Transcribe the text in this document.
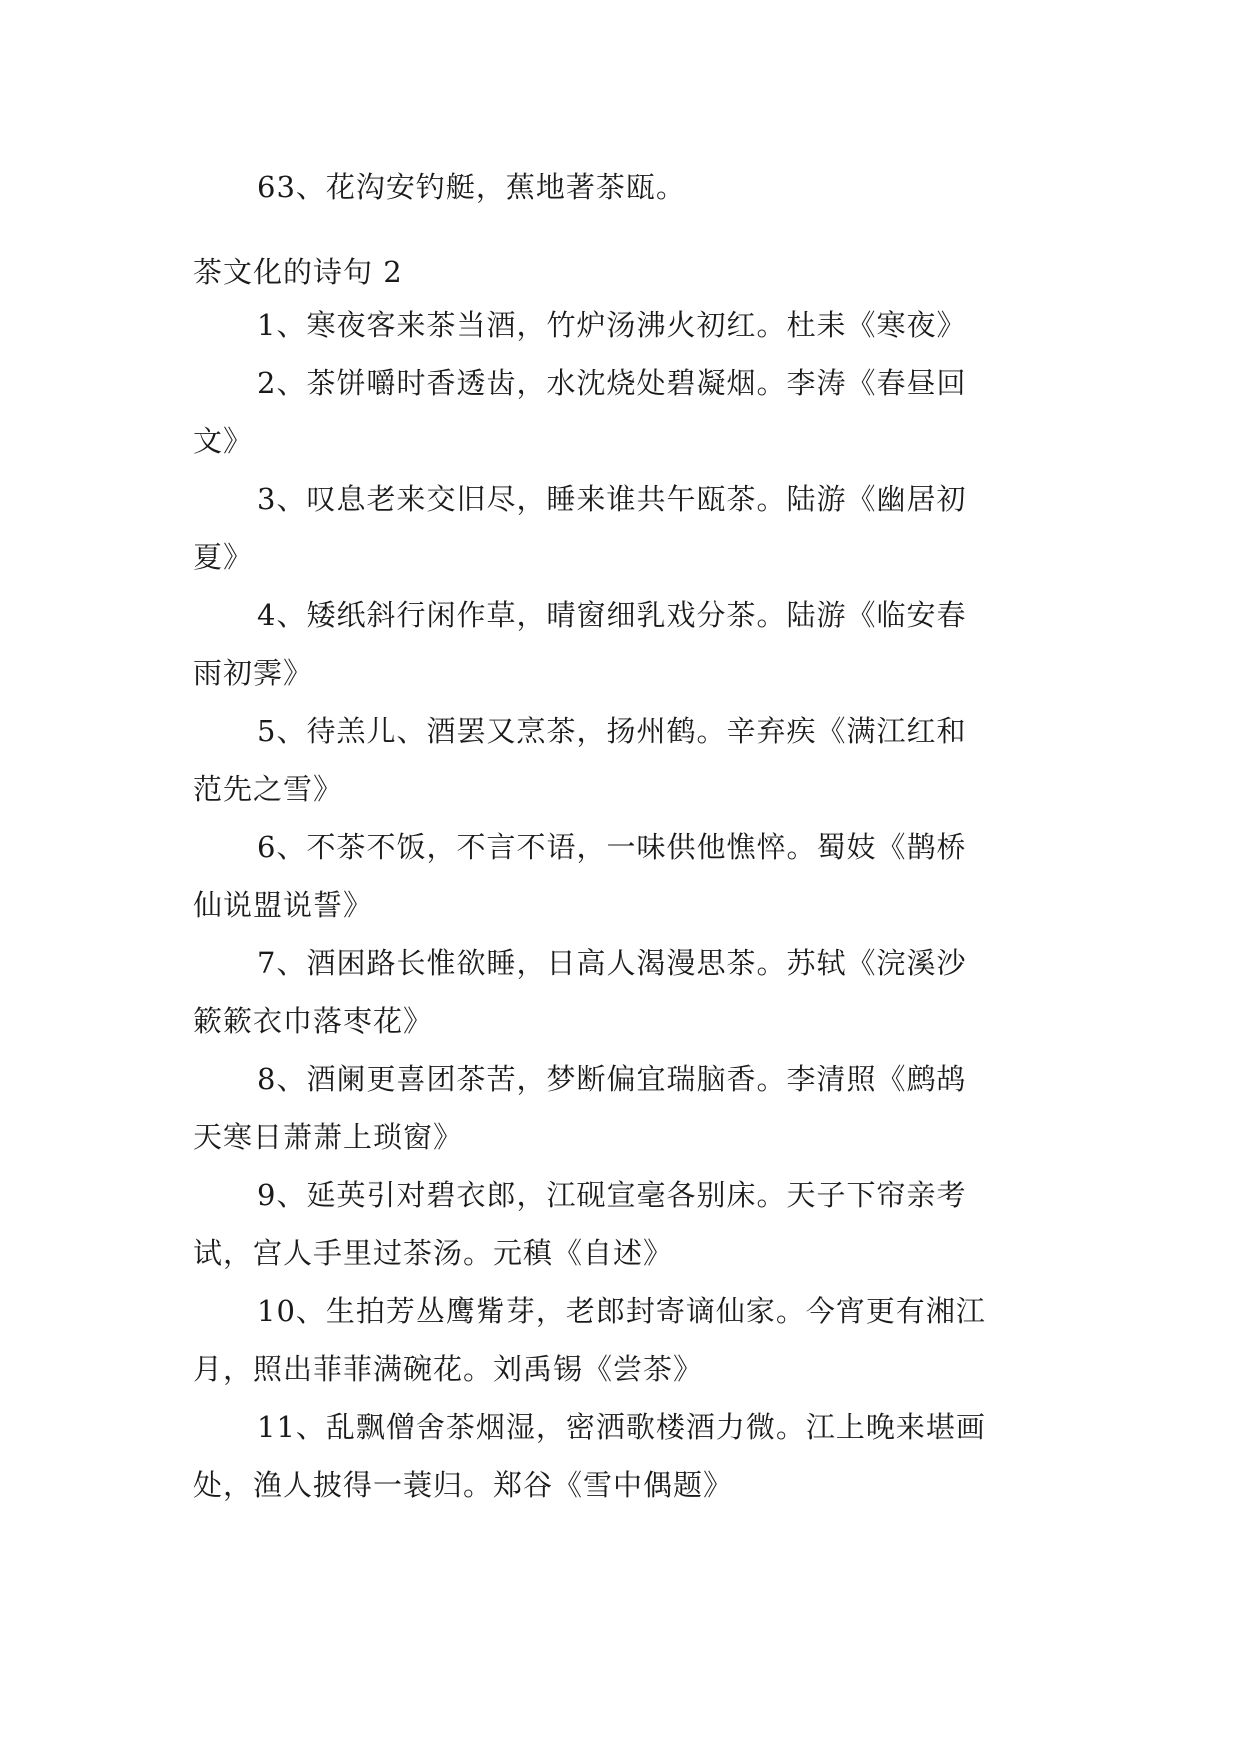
63、花沟安钓艇，蕉地著茶瓯。

茶文化的诗句 2

1、寒夜客来茶当酒，竹炉汤沸火初红。杜耒《寒夜》

2、茶饼嚼时香透齿，水沈烧处碧凝烟。李涛《春昼回

文》

3、叹息老来交旧尽，睡来谁共午瓯茶。陆游《幽居初

夏》

4、矮纸斜行闲作草，晴窗细乳戏分茶。陆游《临安春

雨初霁》

5、待羔儿、酒罢又烹茶，扬州鹤。辛弃疾《满江红和

范先之雪》

6、不茶不饭，不言不语，一味供他憔悴。蜀妓《鹊桥

仙说盟说誓》

7、酒困路长惟欲睡，日高人渴漫思茶。苏轼《浣溪沙

簌簌衣巾落枣花》

8、酒阑更喜团茶苦，梦断偏宜瑞脑香。李清照《鹧鸪

天寒日萧萧上琐窗》

9、延英引对碧衣郎，江砚宣毫各别床。天子下帘亲考

试，宫人手里过茶汤。元稹《自述》

10、生拍芳丛鹰觜芽，老郎封寄谪仙家。今宵更有湘江

月，照出菲菲满碗花。刘禹锡《尝茶》

11、乱飘僧舍茶烟湿，密洒歌楼酒力微。江上晚来堪画

处，渔人披得一蓑归。郑谷《雪中偶题》
